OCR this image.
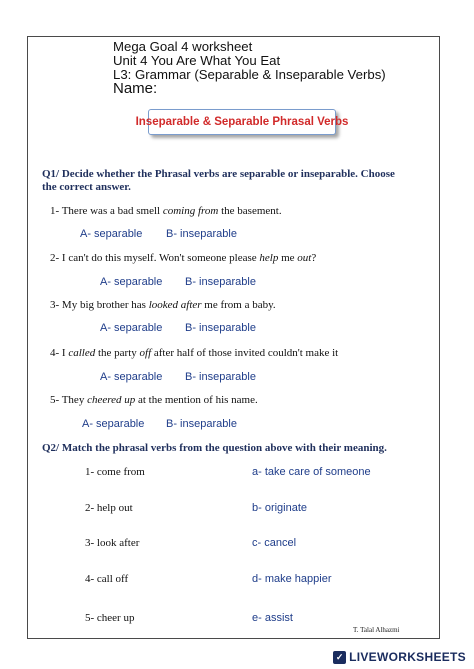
Mega Goal 4 worksheet
Unit 4 You Are What You Eat
L3: Grammar (Separable & Inseparable Verbs)
Name:
Inseparable & Separable Phrasal Verbs
Q1/ Decide whether the Phrasal verbs are separable or inseparable. Choose the correct answer.
1- There was a bad smell coming from the basement.
A- separable B- inseparable
2- I can't do this myself. Won't someone please help me out?
A- separable B- inseparable
3- My big brother has looked after me from a baby.
A- separable B- inseparable
4- I called the party off after half of those invited couldn't make it
A- separable B- inseparable
5- They cheered up at the mention of his name.
A- separable B- inseparable
Q2/ Match the phrasal verbs from the question above with their meaning.
1- come from	a- take care of someone
2- help out	b- originate
3- look after	c- cancel
4- call off	d- make happier
5- cheer up	e- assist
T. Talal Alhazmi
✓ LIVEWORKSHEETS
